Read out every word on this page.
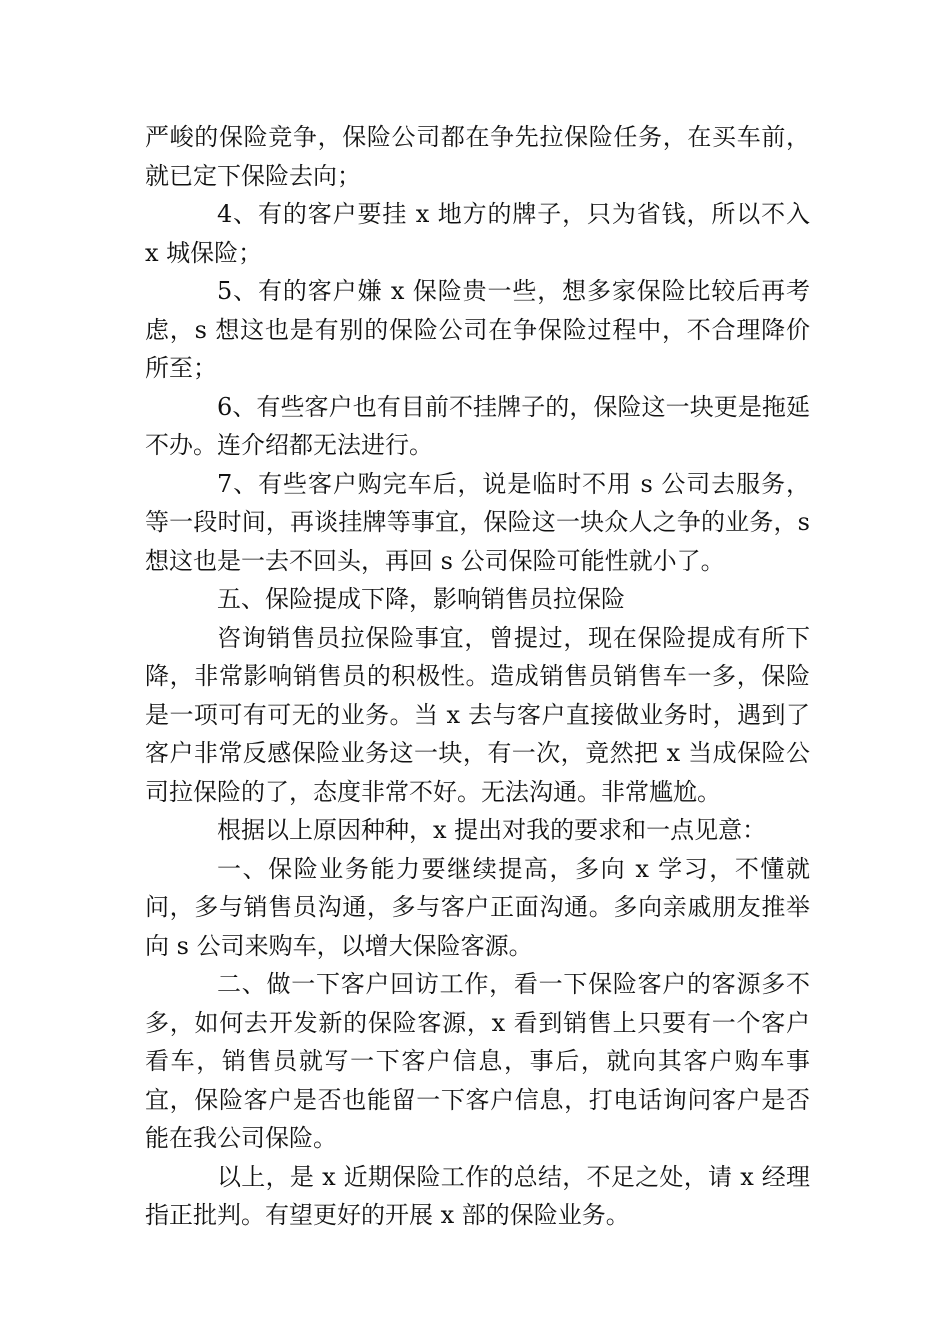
严峻的保险竞争，保险公司都在争先拉保险任务，在买车前，就已定下保险去向；

4、有的客户要挂 x 地方的牌子，只为省钱，所以不入 x 城保险；

5、有的客户嫌 x 保险贵一些，想多家保险比较后再考虑，s 想这也是有别的保险公司在争保险过程中，不合理降价所至；

6、有些客户也有目前不挂牌子的，保险这一块更是拖延不办。连介绍都无法进行。

7、有些客户购完车后，说是临时不用 s 公司去服务，等一段时间，再谈挂牌等事宜，保险这一块众人之争的业务，s 想这也是一去不回头，再回 s 公司保险可能性就小了。

五、保险提成下降，影响销售员拉保险

咨询销售员拉保险事宜，曾提过，现在保险提成有所下降，非常影响销售员的积极性。造成销售员销售车一多，保险是一项可有可无的业务。当 x 去与客户直接做业务时，遇到了客户非常反感保险业务这一块，有一次，竟然把 x 当成保险公司拉保险的了，态度非常不好。无法沟通。非常尴尬。

根据以上原因种种，x 提出对我的要求和一点见意：

一、保险业务能力要继续提高，多向 x 学习，不懂就问，多与销售员沟通，多与客户正面沟通。多向亲戚朋友推举向 s 公司来购车，以增大保险客源。

二、做一下客户回访工作，看一下保险客户的客源多不多，如何去开发新的保险客源，x 看到销售上只要有一个客户看车，销售员就写一下客户信息，事后，就向其客户购车事宜，保险客户是否也能留一下客户信息，打电话询问客户是否能在我公司保险。

以上，是 x 近期保险工作的总结，不足之处，请 x 经理指正批判。有望更好的开展 x 部的保险业务。
